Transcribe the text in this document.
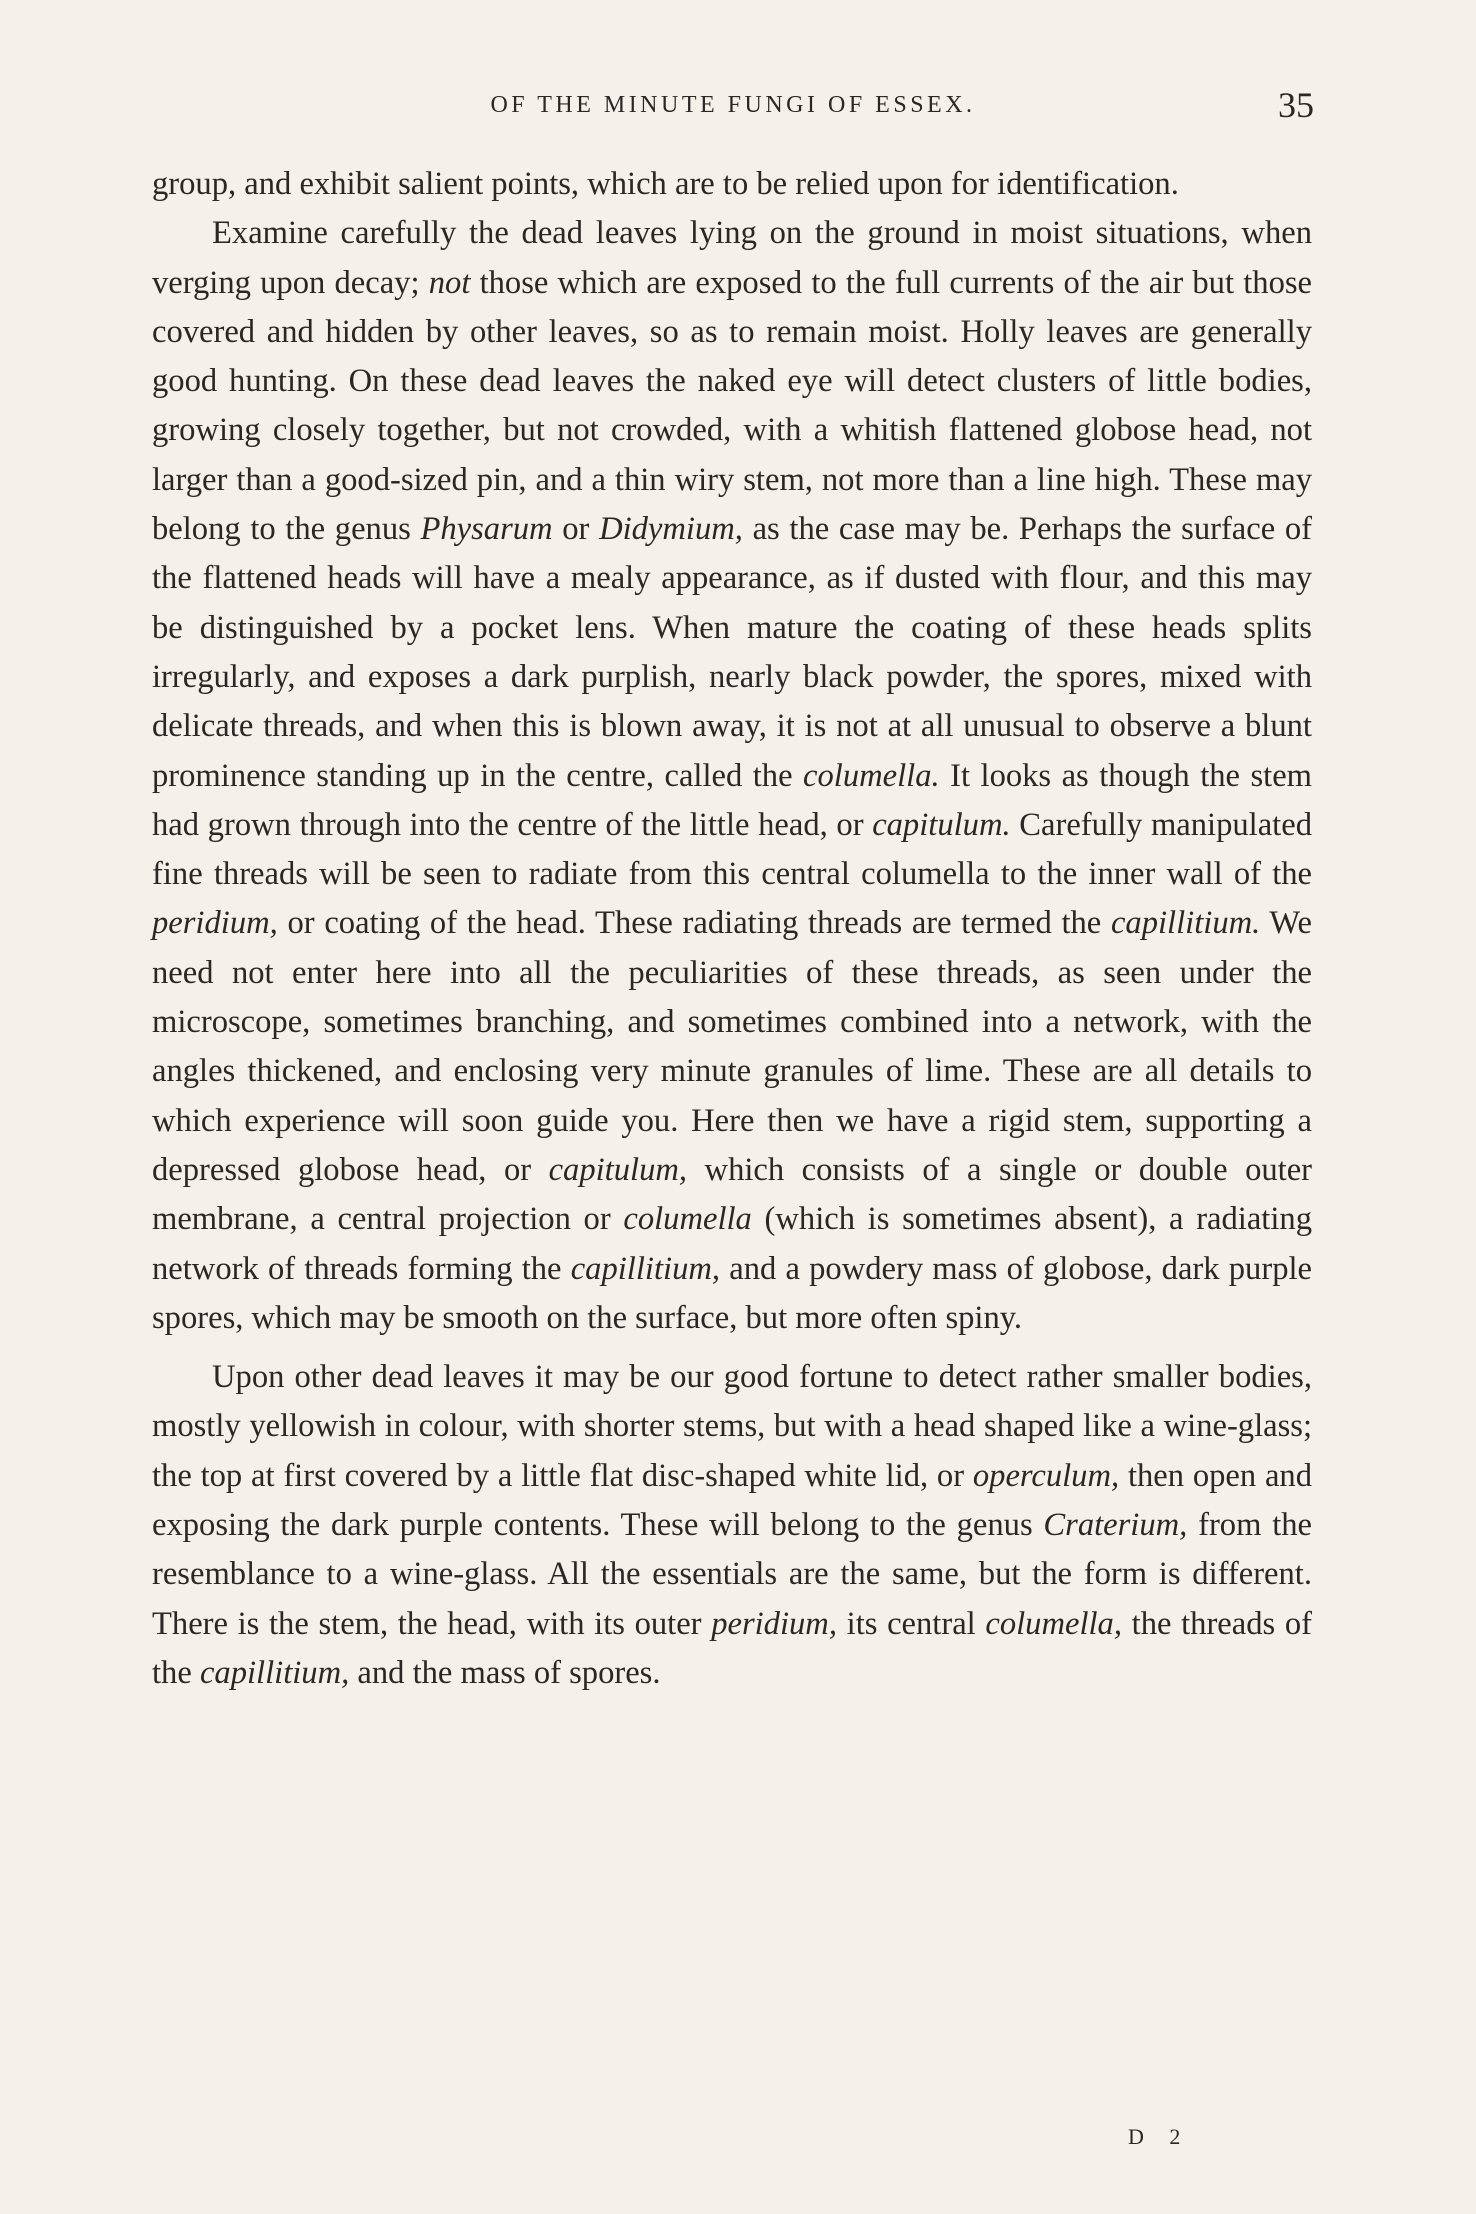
OF THE MINUTE FUNGI OF ESSEX.	35

group, and exhibit salient points, which are to be relied upon for identification.

Examine carefully the dead leaves lying on the ground in moist situations, when verging upon decay; not those which are exposed to the full currents of the air but those covered and hidden by other leaves, so as to remain moist. Holly leaves are generally good hunting. On these dead leaves the naked eye will detect clusters of little bodies, growing closely together, but not crowded, with a whitish flattened globose head, not larger than a good-sized pin, and a thin wiry stem, not more than a line high. These may belong to the genus Physarum or Didymium, as the case may be. Perhaps the surface of the flattened heads will have a mealy appearance, as if dusted with flour, and this may be distinguished by a pocket lens. When mature the coating of these heads splits irregularly, and exposes a dark purplish, nearly black powder, the spores, mixed with delicate threads, and when this is blown away, it is not at all unusual to observe a blunt prominence standing up in the centre, called the columella. It looks as though the stem had grown through into the centre of the little head, or capitulum. Carefully manipulated fine threads will be seen to radiate from this central columella to the inner wall of the peridium, or coating of the head. These radiating threads are termed the capillitium. We need not enter here into all the peculiarities of these threads, as seen under the microscope, sometimes branching, and sometimes combined into a network, with the angles thickened, and enclosing very minute granules of lime. These are all details to which experience will soon guide you. Here then we have a rigid stem, supporting a depressed globose head, or capitulum, which consists of a single or double outer membrane, a central projection or columella (which is sometimes absent), a radiating network of threads forming the capillitium, and a powdery mass of globose, dark purple spores, which may be smooth on the surface, but more often spiny.

Upon other dead leaves it may be our good fortune to detect rather smaller bodies, mostly yellowish in colour, with shorter stems, but with a head shaped like a wine-glass; the top at first covered by a little flat disc-shaped white lid, or operculum, then open and exposing the dark purple contents. These will belong to the genus Craterium, from the resemblance to a wine-glass. All the essentials are the same, but the form is different. There is the stem, the head, with its outer peridium, its central columella, the threads of the capillitium, and the mass of spores.

D 2
